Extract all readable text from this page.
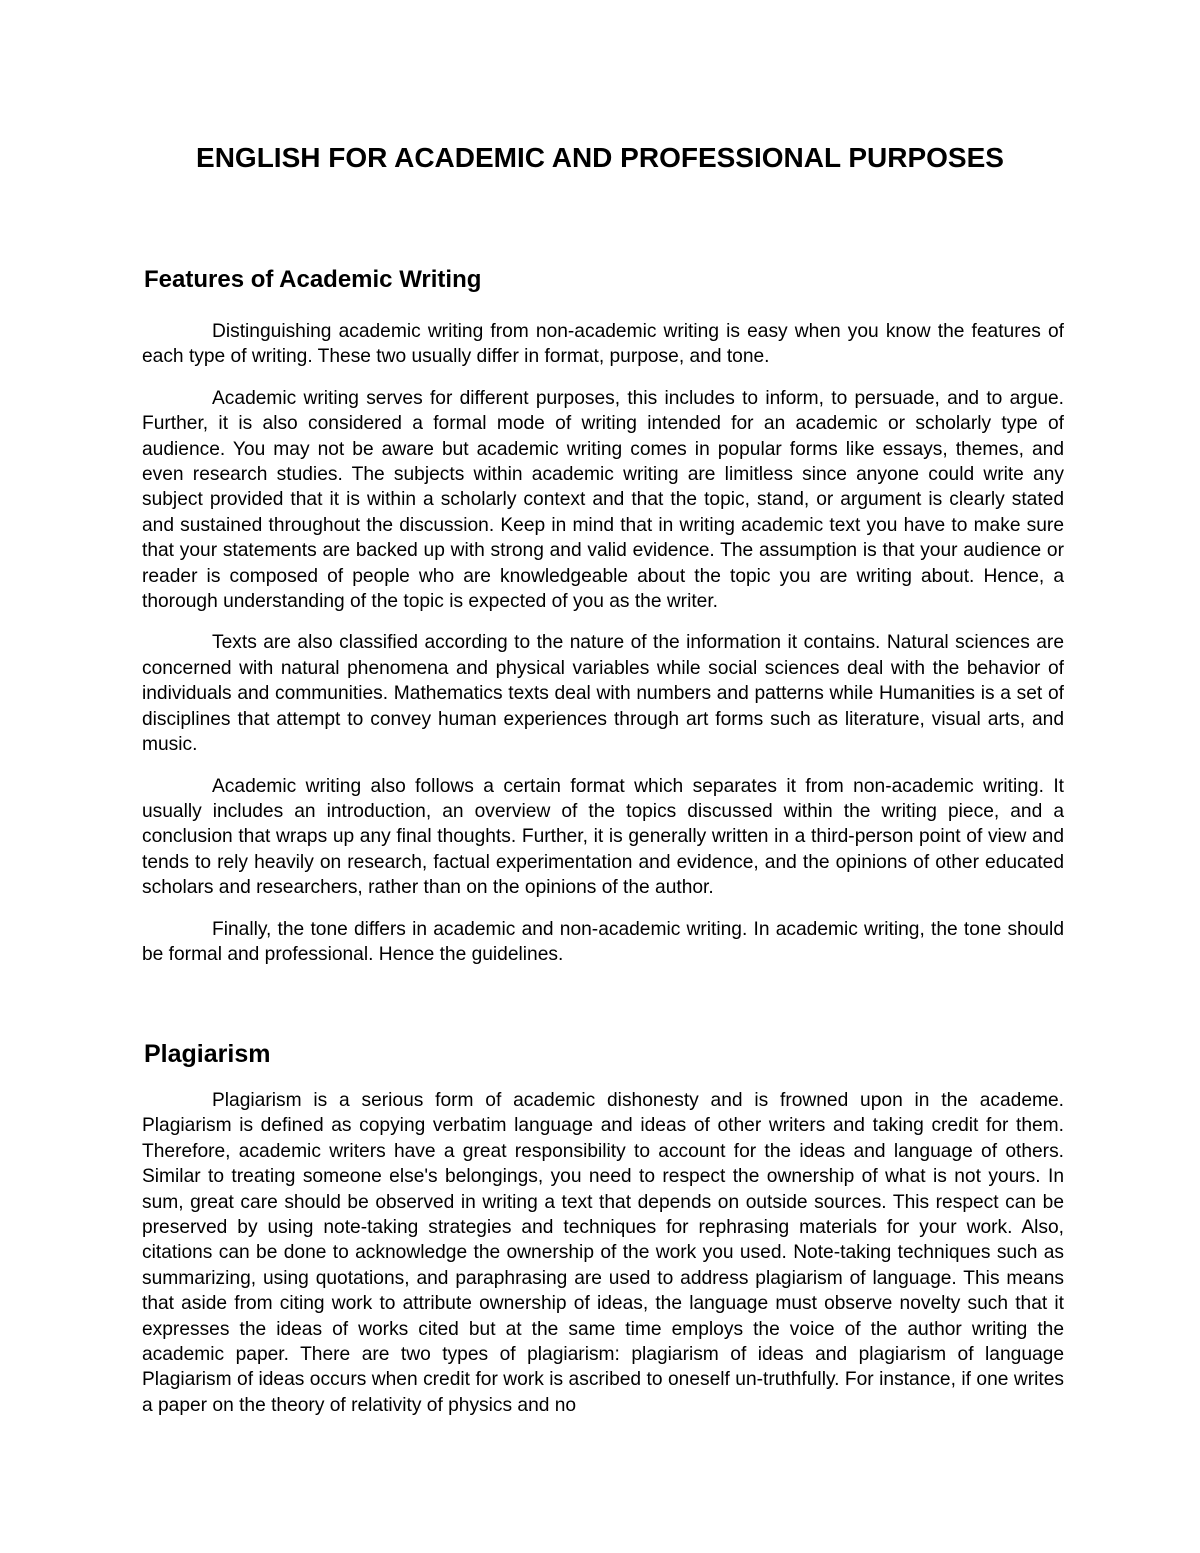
ENGLISH FOR ACADEMIC AND PROFESSIONAL PURPOSES
Features of Academic Writing

Distinguishing academic writing from non-academic writing is easy when you know the features of each type of writing. These two usually differ in format, purpose, and tone.

Academic writing serves for different purposes, this includes to inform, to persuade, and to argue. Further, it is also considered a formal mode of writing intended for an academic or scholarly type of audience. You may not be aware but academic writing comes in popular forms like essays, themes, and even research studies. The subjects within academic writing are limitless since anyone could write any subject provided that it is within a scholarly context and that the topic, stand, or argument is clearly stated and sustained throughout the discussion. Keep in mind that in writing academic text you have to make sure that your statements are backed up with strong and valid evidence. The assumption is that your audience or reader is composed of people who are knowledgeable about the topic you are writing about. Hence, a thorough understanding of the topic is expected of you as the writer.

Texts are also classified according to the nature of the information it contains. Natural sciences are concerned with natural phenomena and physical variables while social sciences deal with the behavior of individuals and communities. Mathematics texts deal with numbers and patterns while Humanities is a set of disciplines that attempt to convey human experiences through art forms such as literature, visual arts, and music.

Academic writing also follows a certain format which separates it from non-academic writing. It usually includes an introduction, an overview of the topics discussed within the writing piece, and a conclusion that wraps up any final thoughts. Further, it is generally written in a third-person point of view and tends to rely heavily on research, factual experimentation and evidence, and the opinions of other educated scholars and researchers, rather than on the opinions of the author.

Finally, the tone differs in academic and non-academic writing. In academic writing, the tone should be formal and professional. Hence the guidelines.

Plagiarism

Plagiarism is a serious form of academic dishonesty and is frowned upon in the academe. Plagiarism is defined as copying verbatim language and ideas of other writers and taking credit for them. Therefore, academic writers have a great responsibility to account for the ideas and language of others. Similar to treating someone else's belongings, you need to respect the ownership of what is not yours. In sum, great care should be observed in writing a text that depends on outside sources. This respect can be preserved by using note-taking strategies and techniques for rephrasing materials for your work. Also, citations can be done to acknowledge the ownership of the work you used. Note-taking techniques such as summarizing, using quotations, and paraphrasing are used to address plagiarism of language. This means that aside from citing work to attribute ownership of ideas, the language must observe novelty such that it expresses the ideas of works cited but at the same time employs the voice of the author writing the academic paper. There are two types of plagiarism: plagiarism of ideas and plagiarism of language Plagiarism of ideas occurs when credit for work is ascribed to oneself un-truthfully. For instance, if one writes a paper on the theory of relativity of physics and no
